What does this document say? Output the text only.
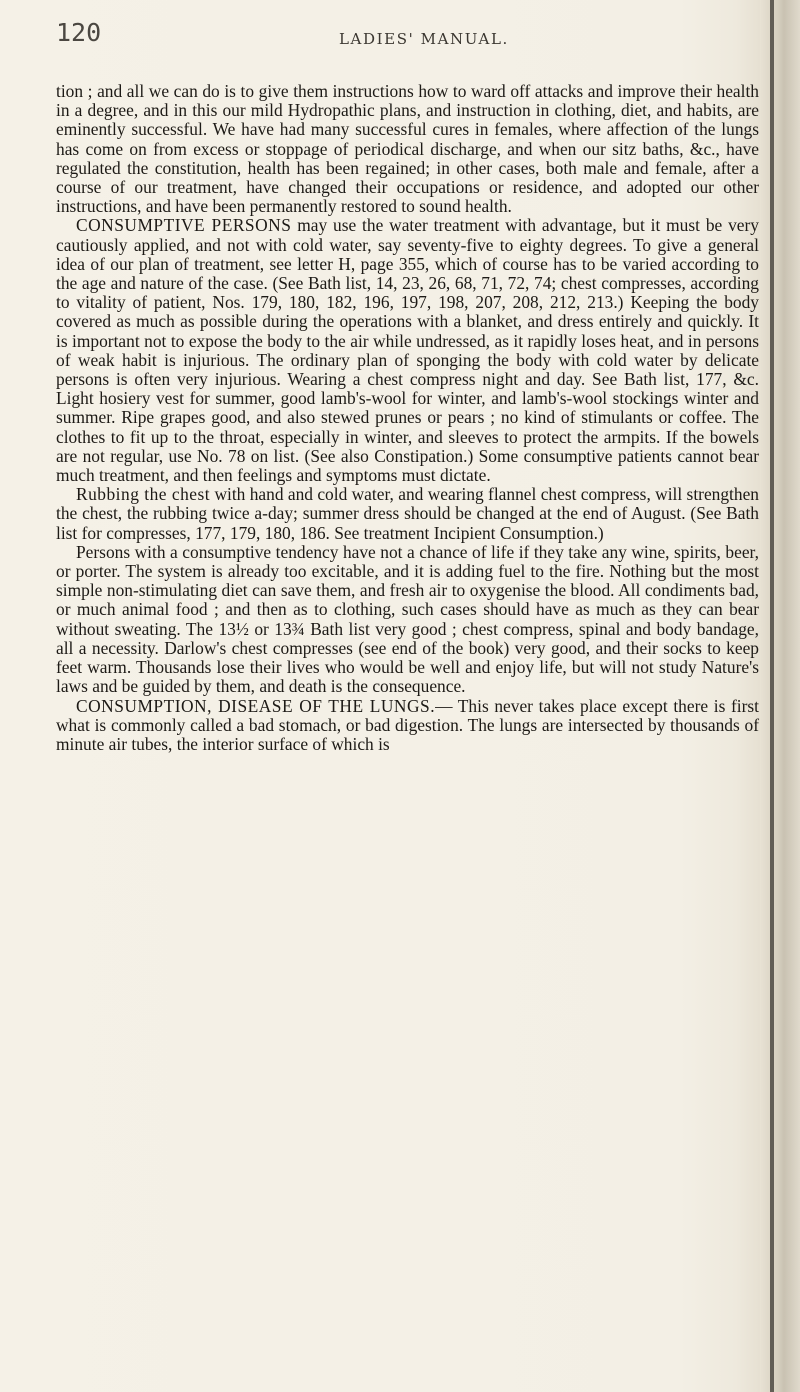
120	LADIES' MANUAL.

tion ; and all we can do is to give them instructions how to ward off attacks and improve their health in a degree, and in this our mild Hydropathic plans, and instruction in clothing, diet, and habits, are eminently successful. We have had many successful cures in females, where affection of the lungs has come on from excess or stoppage of periodical discharge, and when our sitz baths, &c., have regulated the constitution, health has been regained; in other cases, both male and female, after a course of our treatment, have changed their occupations or residence, and adopted our other instructions, and have been permanently restored to sound health.

CONSUMPTIVE PERSONS may use the water treatment with advantage, but it must be very cautiously applied, and not with cold water, say seventy-five to eighty degrees. To give a general idea of our plan of treatment, see letter H, page 355, which of course has to be varied according to the age and nature of the case. (See Bath list, 14, 23, 26, 68, 71, 72, 74; chest compresses, according to vitality of patient, Nos. 179, 180, 182, 196, 197, 198, 207, 208, 212, 213.) Keeping the body covered as much as possible during the operations with a blanket, and dress entirely and quickly. It is important not to expose the body to the air while undressed, as it rapidly loses heat, and in persons of weak habit is injurious. The ordinary plan of sponging the body with cold water by delicate persons is often very injurious. Wearing a chest compress night and day. See Bath list, 177, &c. Light hosiery vest for summer, good lamb's-wool for winter, and lamb's-wool stockings winter and summer. Ripe grapes good, and also stewed prunes or pears ; no kind of stimulants or coffee. The clothes to fit up to the throat, especially in winter, and sleeves to protect the armpits. If the bowels are not regular, use No. 78 on list. (See also Constipation.) Some consumptive patients cannot bear much treatment, and then feelings and symptoms must dictate.

Rubbing the chest with hand and cold water, and wearing flannel chest compress, will strengthen the chest, the rubbing twice a-day; summer dress should be changed at the end of August. (See Bath list for compresses, 177, 179, 180, 186. See treatment Incipient Consumption.)

Persons with a consumptive tendency have not a chance of life if they take any wine, spirits, beer, or porter. The system is already too excitable, and it is adding fuel to the fire. Nothing but the most simple non-stimulating diet can save them, and fresh air to oxygenise the blood. All condiments bad, or much animal food ; and then as to clothing, such cases should have as much as they can bear without sweating. The 13½ or 13¾ Bath list very good ; chest compress, spinal and body bandage, all a necessity. Darlow's chest compresses (see end of the book) very good, and their socks to keep feet warm. Thousands lose their lives who would be well and enjoy life, but will not study Nature's laws and be guided by them, and death is the consequence.

CONSUMPTION, DISEASE OF THE LUNGS.— This never takes place except there is first what is commonly called a bad stomach, or bad digestion. The lungs are intersected by thousands of minute air tubes, the interior surface of which is
